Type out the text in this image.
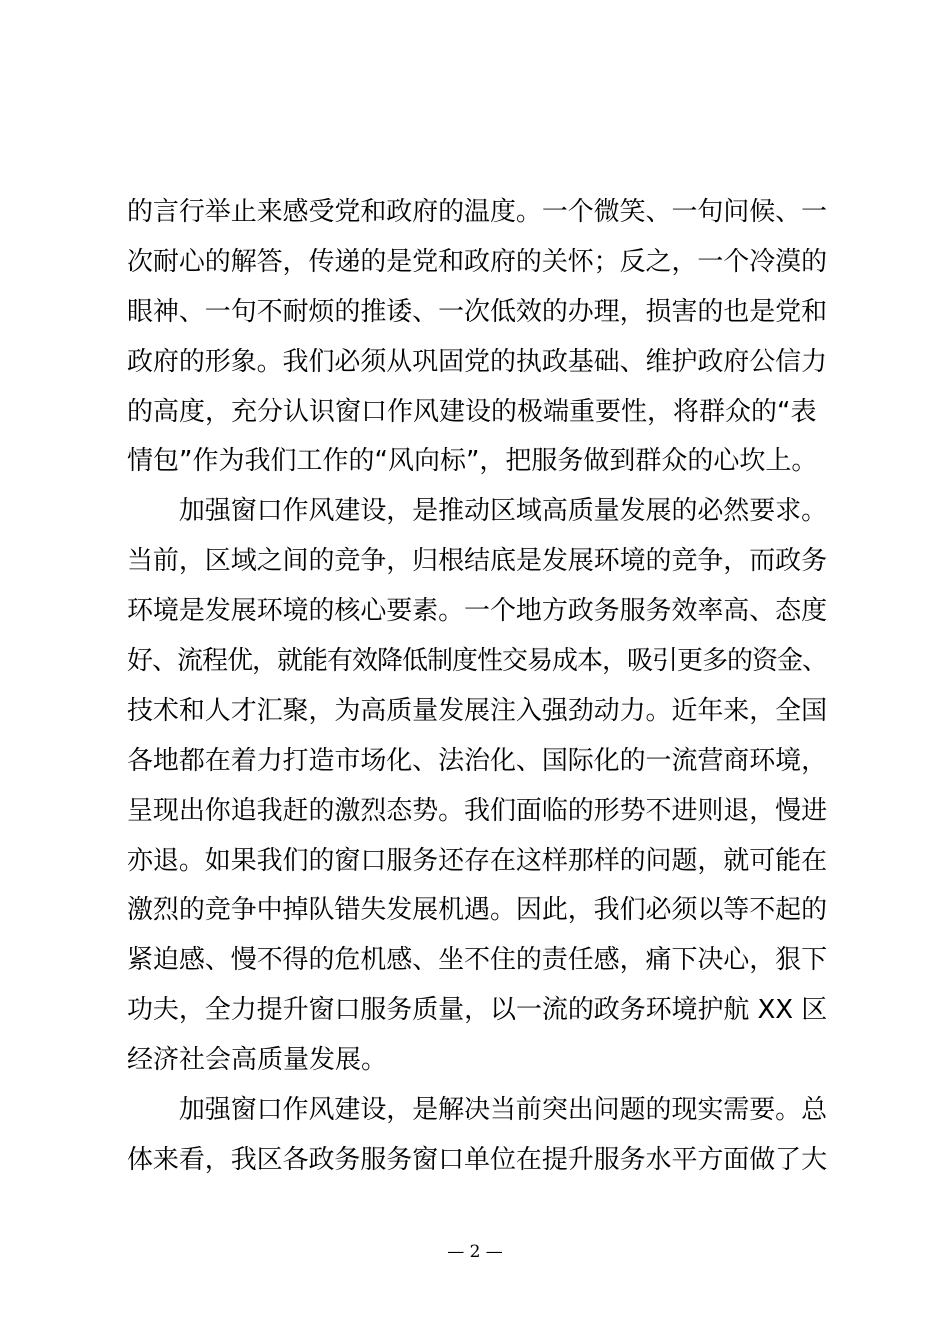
的言行举止来感受党和政府的温度。一个微笑、一句问候、一
次耐心的解答，传递的是党和政府的关怀；反之，一个冷漠的
眼神、一句不耐烦的推诿、一次低效的办理，损害的也是党和
政府的形象。我们必须从巩固党的执政基础、维护政府公信力
的高度，充分认识窗口作风建设的极端重要性，将群众的“表
情包”作为我们工作的“风向标”，把服务做到群众的心坎上。
　　加强窗口作风建设，是推动区域高质量发展的必然要求。
当前，区域之间的竞争，归根结底是发展环境的竞争，而政务
环境是发展环境的核心要素。一个地方政务服务效率高、态度
好、流程优，就能有效降低制度性交易成本，吸引更多的资金、
技术和人才汇聚，为高质量发展注入强劲动力。近年来，全国
各地都在着力打造市场化、法治化、国际化的一流营商环境，
呈现出你追我赶的激烈态势。我们面临的形势不进则退，慢进
亦退。如果我们的窗口服务还存在这样那样的问题，就可能在
激烈的竞争中掉队错失发展机遇。因此，我们必须以等不起的
紧迫感、慢不得的危机感、坐不住的责任感，痛下决心，狠下
功夫，全力提升窗口服务质量，以一流的政务环境护航 XX 区
经济社会高质量发展。
　　加强窗口作风建设，是解决当前突出问题的现实需要。总
体来看，我区各政务服务窗口单位在提升服务水平方面做了大
— 2 —
